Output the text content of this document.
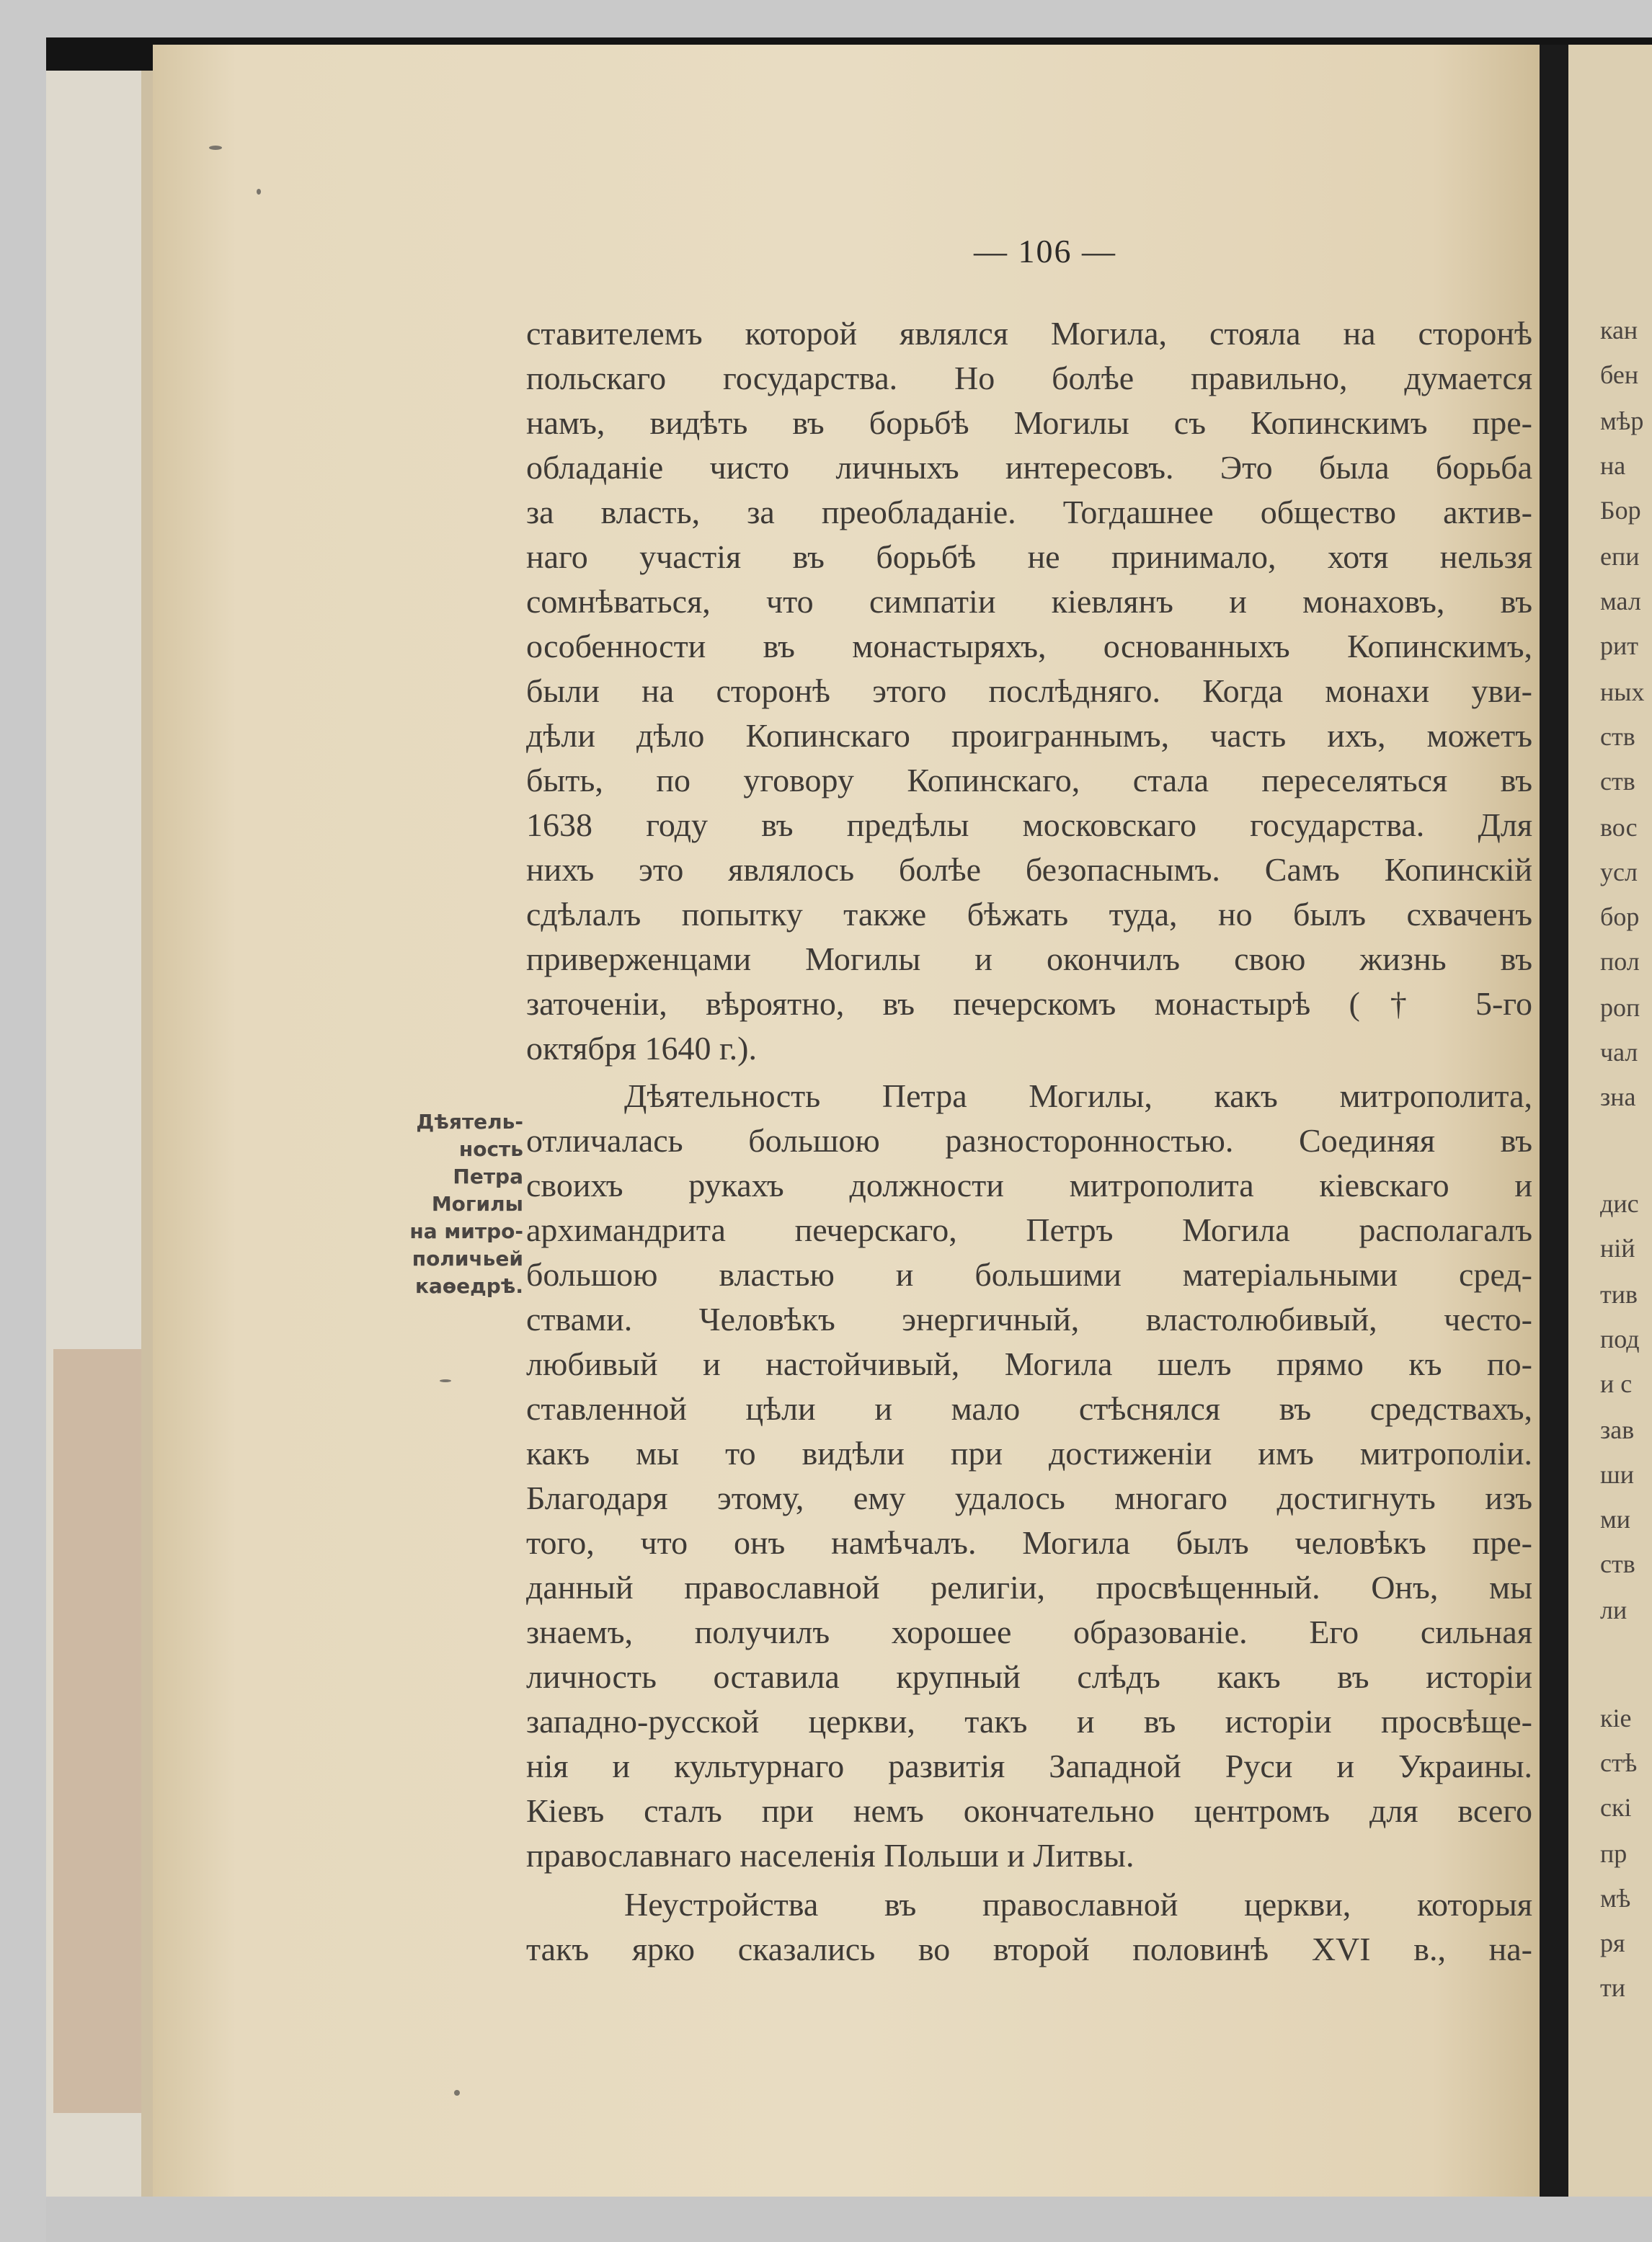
кан
бен
мѣр
на
Бор
епи
мал
рит
ных
ств
ств
вос
усл
бор
пол
роп
чал
зна
дис
ній
тив
под
и с
зав
ши
ми
ств
ли
кіе
стѣ
скі
пр
мѣ
ря
ти
— 106 —
Дѣятель-
ность
Петра
Могилы
на митро-
поличьей
каѳедрѣ.
ставителемъ которой являлся Могила, стояла на сторонѣ
польскаго государства. Но болѣе правильно, думается
намъ, видѣть въ борьбѣ Могилы съ Копинскимъ пре-
обладаніе чисто личныхъ интересовъ. Это была борьба
за власть, за преобладаніе. Тогдашнее общество актив-
наго участія въ борьбѣ не принимало, хотя нельзя
сомнѣваться, что симпатіи кіевлянъ и монаховъ, въ
особенности въ монастыряхъ, основанныхъ Копинскимъ,
были на сторонѣ этого послѣдняго. Когда монахи уви-
дѣли дѣло Копинскаго проиграннымъ, часть ихъ, можетъ
быть, по уговору Копинскаго, стала переселяться въ
1638 году въ предѣлы московскаго государства. Для
нихъ это являлось болѣе безопаснымъ. Самъ Копинскій
сдѣлалъ попытку также бѣжать туда, но былъ схваченъ
приверженцами Могилы и окончилъ свою жизнь въ
заточеніи, вѣроятно, въ печерскомъ монастырѣ († 5-го
октября 1640 г.).
Дѣятельность Петра Могилы, какъ митрополита,
отличалась большою разносторонностью. Соединяя въ
своихъ рукахъ должности митрополита кіевскаго и
архимандрита печерскаго, Петръ Могила располагалъ
большою властью и большими матеріальными сред-
ствами. Человѣкъ энергичный, властолюбивый, често-
любивый и настойчивый, Могила шелъ прямо къ по-
ставленной цѣли и мало стѣснялся въ средствахъ,
какъ мы то видѣли при достиженіи имъ митрополіи.
Благодаря этому, ему удалось многаго достигнуть изъ
того, что онъ намѣчалъ. Могила былъ человѣкъ пре-
данный православной религіи, просвѣщенный. Онъ, мы
знаемъ, получилъ хорошее образованіе. Его сильная
личность оставила крупный слѣдъ какъ въ исторіи
западно-русской церкви, такъ и въ исторіи просвѣще-
нія и культурнаго развитія Западной Руси и Украины.
Кіевъ сталъ при немъ окончательно центромъ для всего
православнаго населенія Польши и Литвы.
Неустройства въ православной церкви, которыя
такъ ярко сказались во второй половинѣ XVI в., на-
